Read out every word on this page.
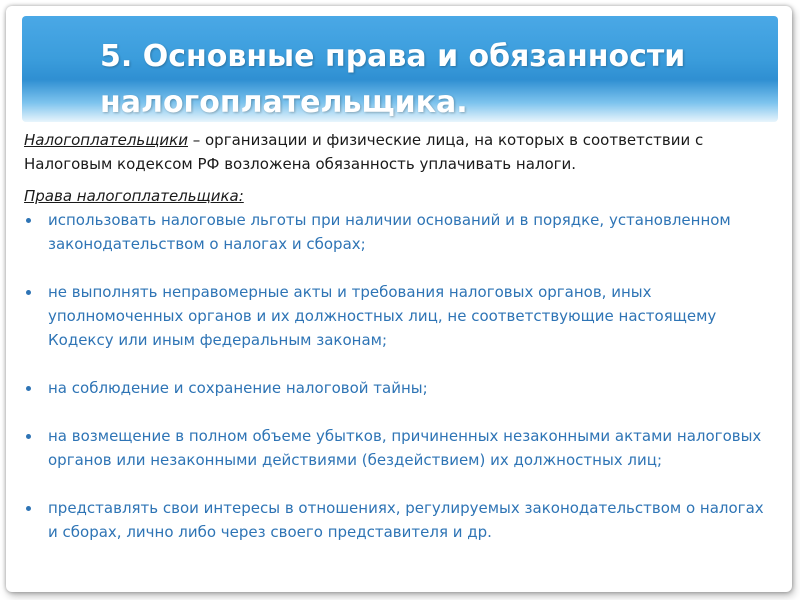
5. Основные права и обязанности налогоплательщика.

Налогоплательщики – организации и физические лица, на которых в соответствии с Налоговым кодексом РФ возложена обязанность уплачивать налоги.

Права налогоплательщика:

использовать налоговые льготы при наличии оснований и в порядке, установленном законодательством о налогах и сборах;
не выполнять неправомерные акты и требования налоговых органов, иных уполномоченных органов и их должностных лиц, не соответствующие настоящему Кодексу или иным федеральным законам;
на соблюдение и сохранение налоговой тайны;
на возмещение в полном объеме убытков, причиненных незаконными актами налоговых органов или незаконными действиями (бездействием) их должностных лиц;
представлять свои интересы в отношениях, регулируемых законодательством о налогах и сборах, лично либо через своего представителя и др.
